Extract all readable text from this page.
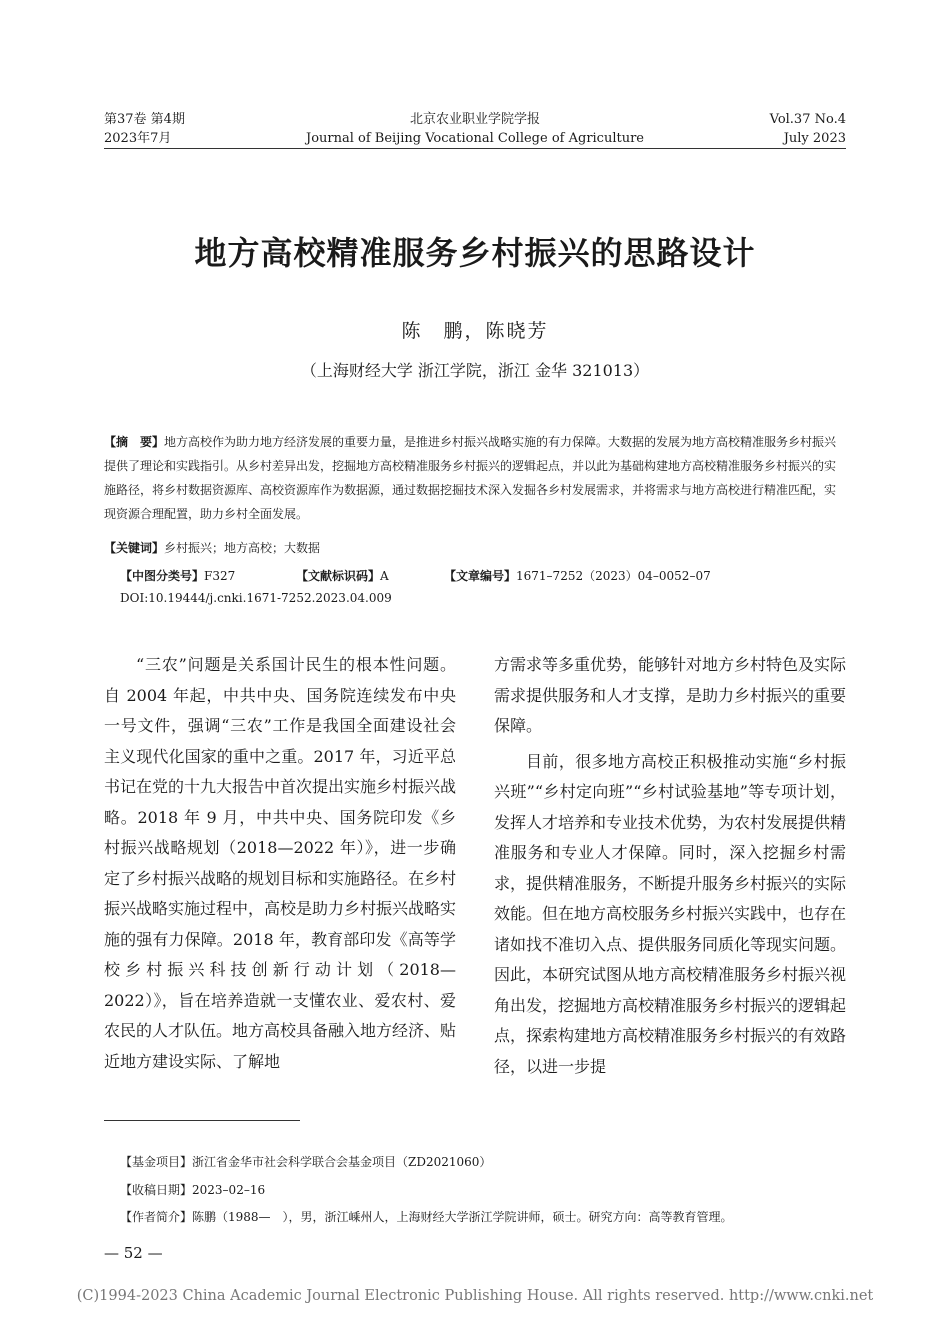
第37卷 第4期
2023年7月
北京农业职业学院学报
Journal of Beijing Vocational College of Agriculture
Vol.37 No.4
July 2023
地方高校精准服务乡村振兴的思路设计
陈　鹏，陈晓芳
（上海财经大学 浙江学院，浙江 金华 321013）
【摘　要】地方高校作为助力地方经济发展的重要力量，是推进乡村振兴战略实施的有力保障。大数据的发展为地方高校精准服务乡村振兴提供了理论和实践指引。从乡村差异出发，挖掘地方高校精准服务乡村振兴的逻辑起点，并以此为基础构建地方高校精准服务乡村振兴的实施路径，将乡村数据资源库、高校资源库作为数据源，通过数据挖掘技术深入发掘各乡村发展需求，并将需求与地方高校进行精准匹配，实现资源合理配置，助力乡村全面发展。
【关键词】乡村振兴；地方高校；大数据
【中图分类号】F327	【文献标识码】A	【文章编号】1671–7252（2023）04–0052–07
DOI:10.19444/j.cnki.1671-7252.2023.04.009

“三农”问题是关系国计民生的根本性问题。自 2004 年起，中共中央、国务院连续发布中央一号文件，强调“三农”工作是我国全面建设社会主义现代化国家的重中之重。2017 年，习近平总书记在党的十九大报告中首次提出实施乡村振兴战略。2018 年 9 月，中共中央、国务院印发《乡村振兴战略规划（2018—2022 年）》，进一步确定了乡村振兴战略的规划目标和实施路径。在乡村振兴战略实施过程中，高校是助力乡村振兴战略实施的强有力保障。2018 年，教育部印发《高等学校乡村振兴科技创新行动计划（2018—2022）》，旨在培养造就一支懂农业、爱农村、爱农民的人才队伍。地方高校具备融入地方经济、贴近地方建设实际、了解地

方需求等多重优势，能够针对地方乡村特色及实际需求提供服务和人才支撑，是助力乡村振兴的重要保障。

目前，很多地方高校正积极推动实施“乡村振兴班”“乡村定向班”“乡村试验基地”等专项计划，发挥人才培养和专业技术优势，为农村发展提供精准服务和专业人才保障。同时，深入挖掘乡村需求，提供精准服务，不断提升服务乡村振兴的实际效能。但在地方高校服务乡村振兴实践中，也存在诸如找不准切入点、提供服务同质化等现实问题。因此，本研究试图从地方高校精准服务乡村振兴视角出发，挖掘地方高校精准服务乡村振兴的逻辑起点，探索构建地方高校精准服务乡村振兴的有效路径，以进一步提

【基金项目】浙江省金华市社会科学联合会基金项目（ZD2021060）
【收稿日期】2023–02–16
【作者简介】陈鹏（1988—　），男，浙江嵊州人，上海财经大学浙江学院讲师，硕士。研究方向：高等教育管理。
— 52 —
(C)1994-2023 China Academic Journal Electronic Publishing House. All rights reserved. http://www.cnki.net
